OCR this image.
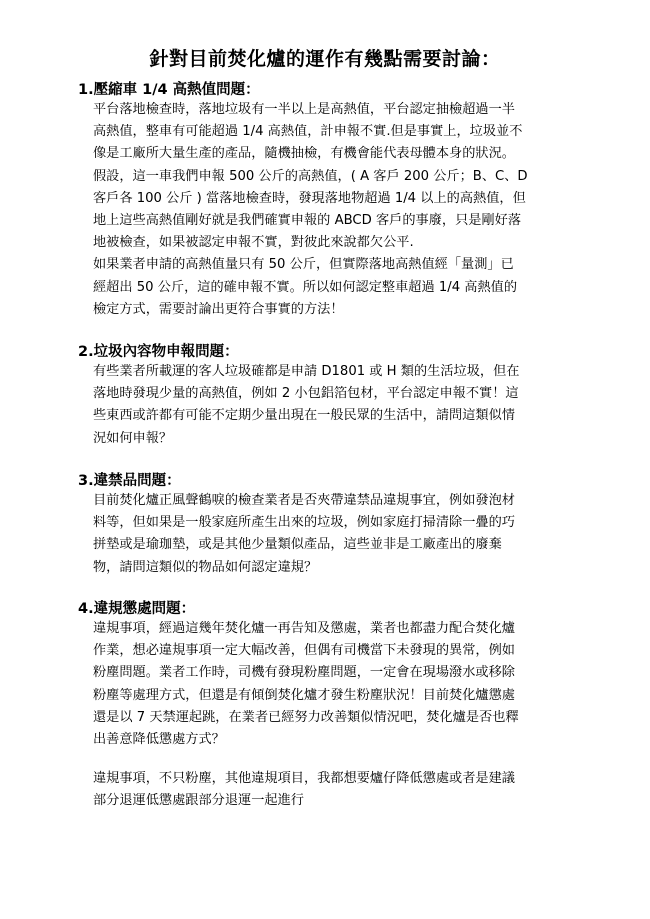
針對目前焚化爐的運作有幾點需要討論：
1.壓縮車 1/4 高熱值問題：
平台落地檢查時，落地垃圾有一半以上是高熱值，平台認定抽檢超過一半
高熱值，整車有可能超過 1/4 高熱值，計申報不實.但是事實上，垃圾並不
像是工廠所大量生產的產品，隨機抽檢，有機會能代表母體本身的狀況。
假設，這一車我們申報 500 公斤的高熱值，( A 客戶 200 公斤；B、C、D
客戶各 100 公斤 ) 當落地檢查時，發現落地物超過 1/4 以上的高熱值，但
地上這些高熱值剛好就是我們確實申報的 ABCD 客戶的事廢，只是剛好落
地被檢查，如果被認定申報不實，對彼此來說都欠公平.
如果業者申請的高熱值量只有 50 公斤，但實際落地高熱值經「量測」已
經超出 50 公斤，這的確申報不實。所以如何認定整車超過 1/4 高熱值的
檢定方式，需要討論出更符合事實的方法！
2.垃圾內容物申報問題：
有些業者所載運的客人垃圾確都是申請 D1801 或 H 類的生活垃圾，但在
落地時發現少量的高熱值，例如 2 小包鋁箔包材，平台認定申報不實！這
些東西或許都有可能不定期少量出現在一般民眾的生活中，請問這類似情
況如何申報？
3.違禁品問題：
目前焚化爐正風聲鶴唳的檢查業者是否夾帶違禁品違規事宜，例如發泡材
料等，但如果是一般家庭所產生出來的垃圾，例如家庭打掃清除一疊的巧
拼墊或是瑜珈墊，或是其他少量類似產品，這些並非是工廠產出的廢棄
物，請問這類似的物品如何認定違規？
4.違規懲處問題：
違規事項，經過這幾年焚化爐一再告知及懲處，業者也都盡力配合焚化爐
作業，想必違規事項一定大幅改善，但偶有司機當下未發現的異常，例如
粉塵問題。業者工作時，司機有發現粉塵問題，一定會在現場潑水或移除
粉塵等處理方式，但還是有傾倒焚化爐才發生粉塵狀況！目前焚化爐懲處
還是以 7 天禁運起跳，在業者已經努力改善類似情況吧，焚化爐是否也釋
出善意降低懲處方式？
違規事項，不只粉塵，其他違規項目，我都想要爐仔降低懲處或者是建議
部分退運低懲處跟部分退運一起進行
